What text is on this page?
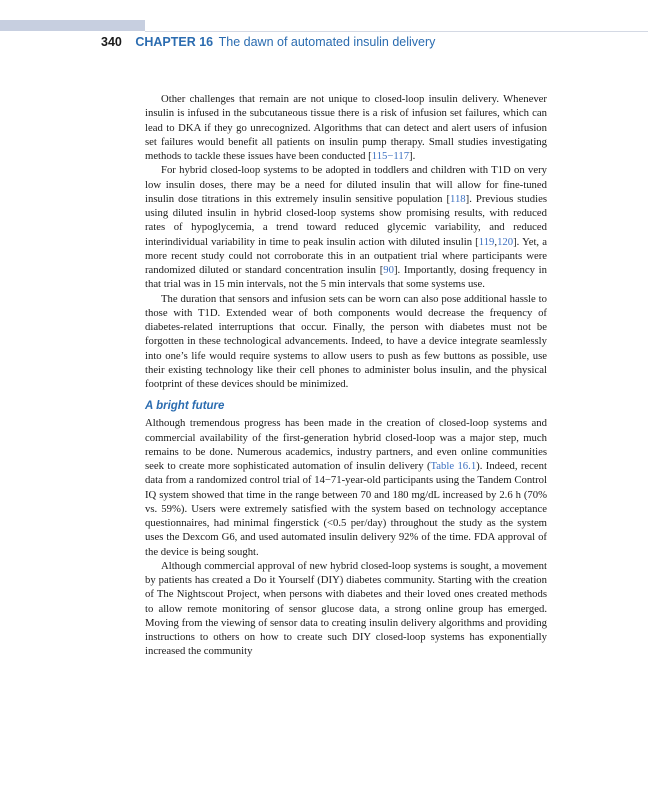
340 CHAPTER 16 The dawn of automated insulin delivery

Other challenges that remain are not unique to closed-loop insulin delivery. Whenever insulin is infused in the subcutaneous tissue there is a risk of infusion set failures, which can lead to DKA if they go unrecognized. Algorithms that can detect and alert users of infusion set failures would benefit all patients on insulin pump therapy. Small studies investigating methods to tackle these issues have been conducted [115−117].

For hybrid closed-loop systems to be adopted in toddlers and children with T1D on very low insulin doses, there may be a need for diluted insulin that will allow for fine-tuned insulin dose titrations in this extremely insulin sensitive population [118]. Previous studies using diluted insulin in hybrid closed-loop systems show promising results, with reduced rates of hypoglycemia, a trend toward reduced glycemic variability, and reduced interindividual variability in time to peak insulin action with diluted insulin [119,120]. Yet, a more recent study could not corroborate this in an outpatient trial where participants were randomized diluted or standard concentration insulin [90]. Importantly, dosing frequency in that trial was in 15 min intervals, not the 5 min intervals that some systems use.

The duration that sensors and infusion sets can be worn can also pose additional hassle to those with T1D. Extended wear of both components would decrease the frequency of diabetes-related interruptions that occur. Finally, the person with diabetes must not be forgotten in these technological advancements. Indeed, to have a device integrate seamlessly into one’s life would require systems to allow users to push as few buttons as possible, use their existing technology like their cell phones to administer bolus insulin, and the physical footprint of these devices should be minimized.

A bright future

Although tremendous progress has been made in the creation of closed-loop systems and commercial availability of the first-generation hybrid closed-loop was a major step, much remains to be done. Numerous academics, industry partners, and even online communities seek to create more sophisticated automation of insulin delivery (Table 16.1). Indeed, recent data from a randomized control trial of 14−71-year-old participants using the Tandem Control IQ system showed that time in the range between 70 and 180 mg/dL increased by 2.6 h (70% vs. 59%). Users were extremely satisfied with the system based on technology acceptance questionnaires, had minimal fingerstick (<0.5 per/day) throughout the study as the system uses the Dexcom G6, and used automated insulin delivery 92% of the time. FDA approval of the device is being sought.

Although commercial approval of new hybrid closed-loop systems is sought, a movement by patients has created a Do it Yourself (DIY) diabetes community. Starting with the creation of The Nightscout Project, when persons with diabetes and their loved ones created methods to allow remote monitoring of sensor glucose data, a strong online group has emerged. Moving from the viewing of sensor data to creating insulin delivery algorithms and providing instructions to others on how to create such DIY closed-loop systems has exponentially increased the community
